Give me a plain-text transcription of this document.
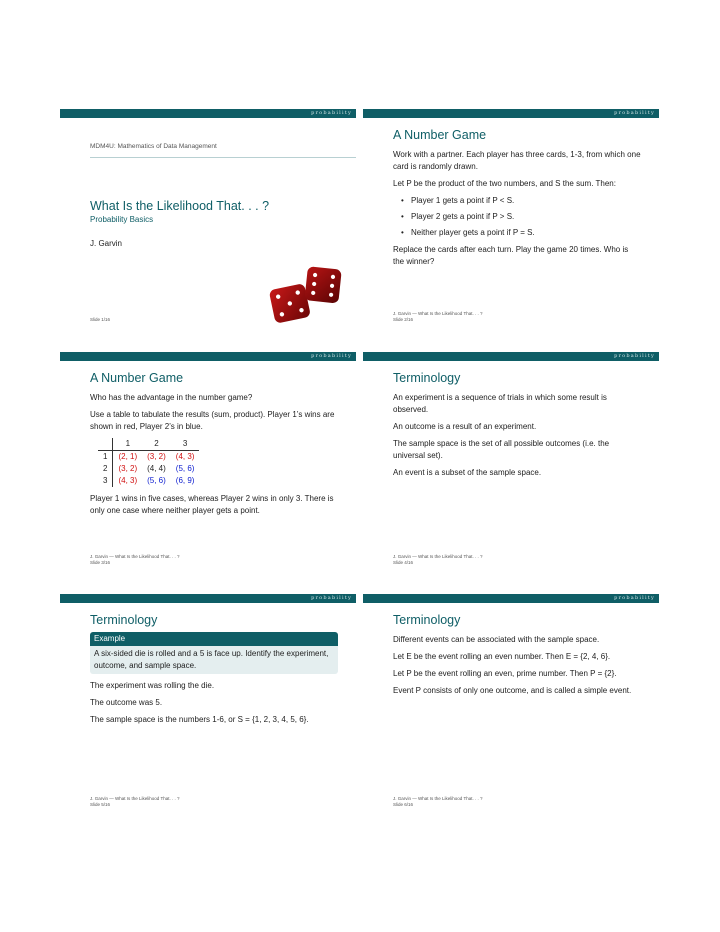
probability
MDM4U: Mathematics of Data Management
What Is the Likelihood That. . . ?
Probability Basics
J. Garvin
Slide 1/16
probability
A Number Game

Work with a partner. Each player has three cards, 1-3, from which one card is randomly drawn.

Let P be the product of the two numbers, and S the sum. Then:

• Player 1 gets a point if P < S.
• Player 2 gets a point if P > S.
• Neither player gets a point if P = S.

Replace the cards after each turn. Play the game 20 times. Who is the winner?

J. Garvin — What Is the Likelihood That. . . ?
Slide 2/16
probability
A Number Game

Who has the advantage in the number game?

Use a table to tabulate the results (sum, product). Player 1’s wins are shown in red, Player 2’s in blue.

	1	2	3
1	(2, 1)	(3, 2)	(4, 3)
2	(3, 2)	(4, 4)	(5, 6)
3	(4, 3)	(5, 6)	(6, 9)

Player 1 wins in five cases, whereas Player 2 wins in only 3. There is only one case where neither player gets a point.

J. Garvin — What Is the Likelihood That. . . ?
Slide 3/16
probability
Terminology

An experiment is a sequence of trials in which some result is observed.

An outcome is a result of an experiment.

The sample space is the set of all possible outcomes (i.e. the universal set).

An event is a subset of the sample space.

J. Garvin — What Is the Likelihood That. . . ?
Slide 4/16
probability
Terminology
Example
A six-sided die is rolled and a 5 is face up. Identify the experiment, outcome, and sample space.

The experiment was rolling the die.

The outcome was 5.

The sample space is the numbers 1-6, or S = {1, 2, 3, 4, 5, 6}.

J. Garvin — What Is the Likelihood That. . . ?
Slide 5/16
probability
Terminology

Different events can be associated with the sample space.

Let E be the event rolling an even number. Then E = {2, 4, 6}.

Let P be the event rolling an even, prime number. Then P = {2}.

Event P consists of only one outcome, and is called a simple event.

J. Garvin — What Is the Likelihood That. . . ?
Slide 6/16
